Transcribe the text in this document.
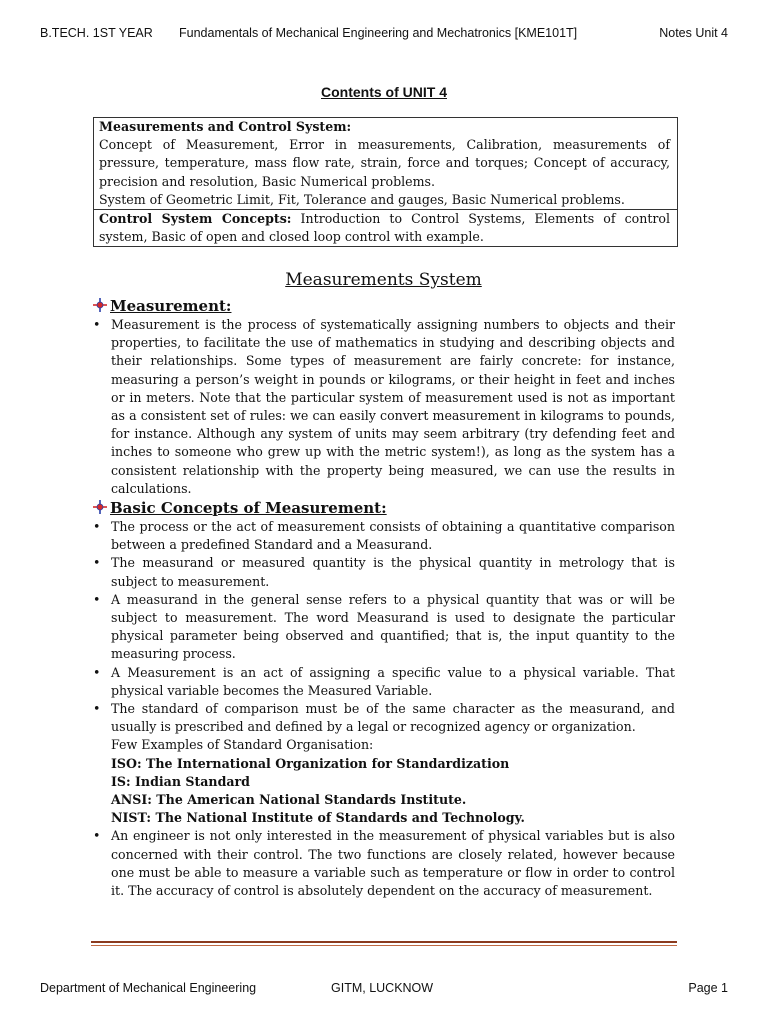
B.TECH. 1ST YEAR Fundamentals of Mechanical Engineering and Mechatronics [KME101T]	Notes Unit 4
Contents of UNIT 4

Measurements and Control System:

Concept of Measurement, Error in measurements, Calibration, measurements of pressure, temperature, mass flow rate, strain, force and torques; Concept of accuracy, precision and resolution, Basic Numerical problems.

System of Geometric Limit, Fit, Tolerance and gauges, Basic Numerical problems.

Control System Concepts: Introduction to Control Systems, Elements of control system, Basic of open and closed loop control with example.

Measurements System
Measurement:
• Measurement is the process of systematically assigning numbers to objects and their properties, to facilitate the use of mathematics in studying and describing objects and their relationships. Some types of measurement are fairly concrete: for instance, measuring a person’s weight in pounds or kilograms, or their height in feet and inches or in meters. Note that the particular system of measurement used is not as important as a consistent set of rules: we can easily convert measurement in kilograms to pounds, for instance. Although any system of units may seem arbitrary (try defending feet and inches to someone who grew up with the metric system!), as long as the system has a consistent relationship with the property being measured, we can use the results in calculations.
Basic Concepts of Measurement:
• The process or the act of measurement consists of obtaining a quantitative comparison between a predefined Standard and a Measurand.
• The measurand or measured quantity is the physical quantity in metrology that is subject to measurement.
• A measurand in the general sense refers to a physical quantity that was or will be subject to measurement. The word Measurand is used to designate the particular physical parameter being observed and quantified; that is, the input quantity to the measuring process.
• A Measurement is an act of assigning a specific value to a physical variable. That physical variable becomes the Measured Variable.
• The standard of comparison must be of the same character as the measurand, and usually is prescribed and defined by a legal or recognized agency or organization.
Few Examples of Standard Organisation:
ISO: The International Organization for Standardization
IS: Indian Standard
ANSI: The American National Standards Institute.
NIST: The National Institute of Standards and Technology.
• An engineer is not only interested in the measurement of physical variables but is also concerned with their control. The two functions are closely related, however because one must be able to measure a variable such as temperature or flow in order to control it. The accuracy of control is absolutely dependent on the accuracy of measurement.
Department of Mechanical Engineering	GITM, LUCKNOW	Page 1
